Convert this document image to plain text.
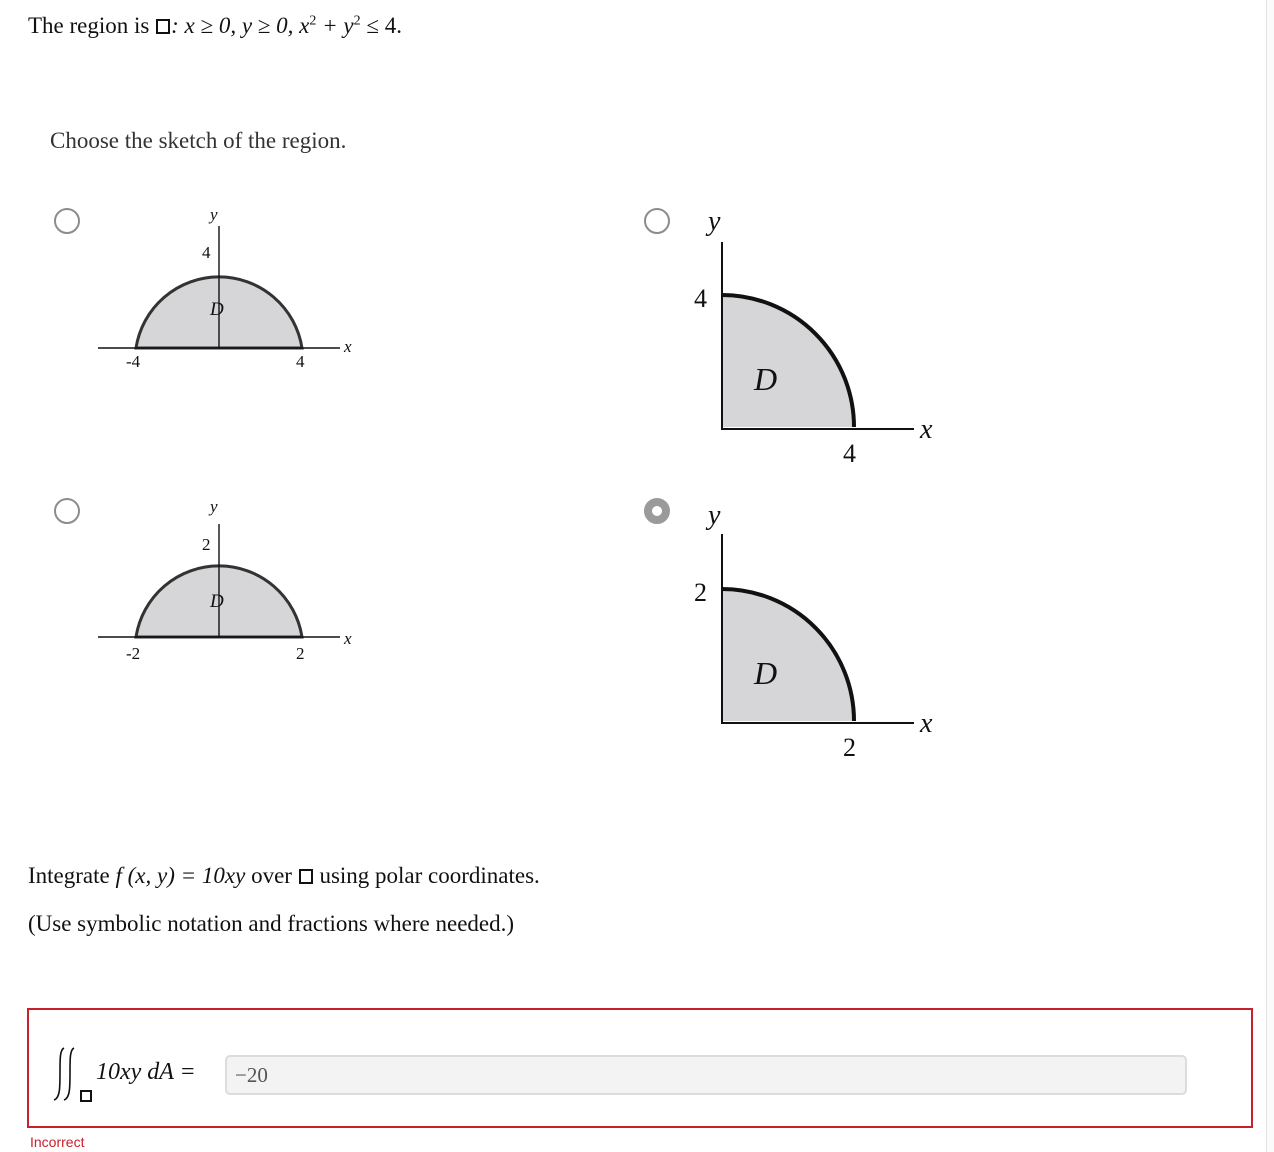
The region is : x ≥ 0, y ≥ 0, $x^2 + y^2 \le 4$.
Choose the sketch of the region.
y
4
D
-4	4
x
y
2
D
-2	2
x
y
4
D
4
x
y
2
D
2
x
Integrate f (x, y) = 10xy over  using polar coordinates.
(Use symbolic notation and fractions where needed.)
10xy dA =
−20
Incorrect
